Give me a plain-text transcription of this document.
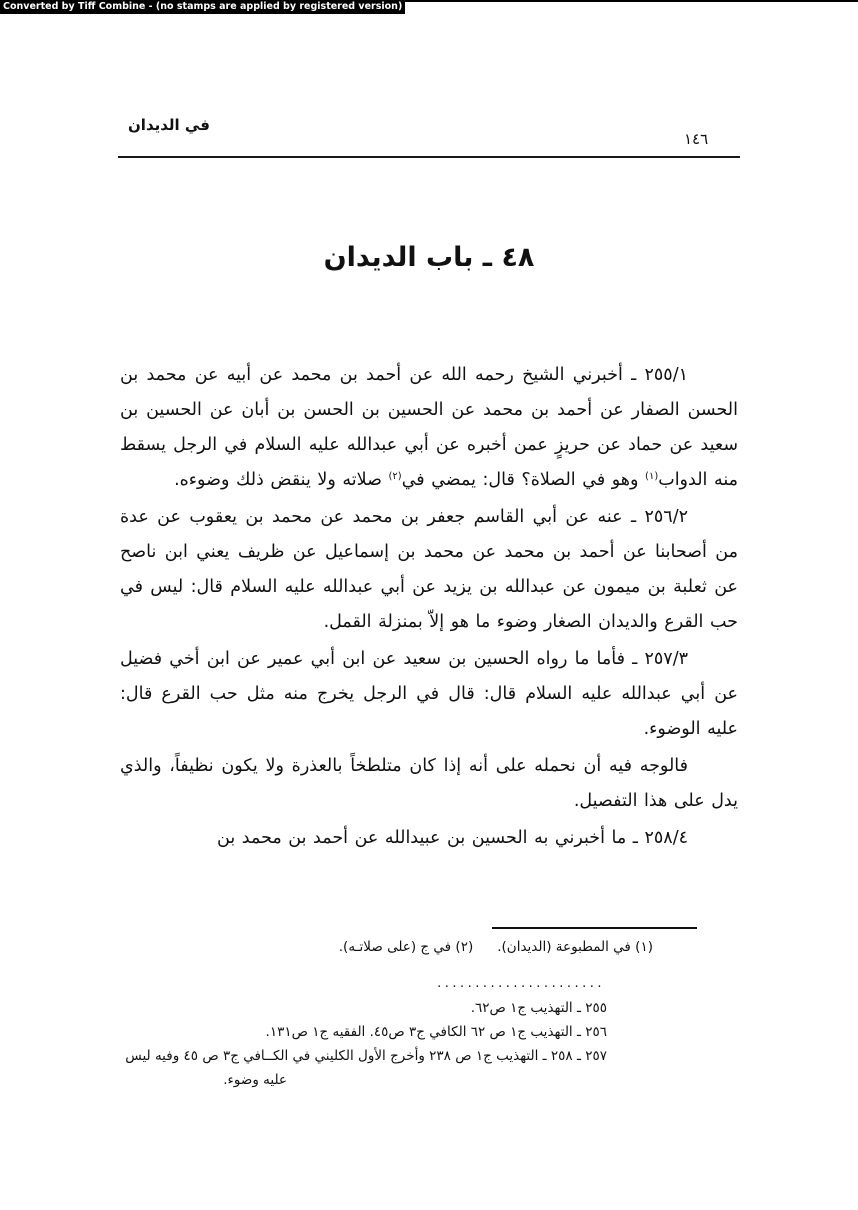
Converted by Tiff Combine - (no stamps are applied by registered version)
في الديدان
١٤٦
٤٨ ـ باب الديدان

٢٥٥/١ ـ أخبرني الشيخ رحمه الله عن أحمد بن محمد عن أبيه عن محمد بن الحسن الصفار عن أحمد بن محمد عن الحسين بن الحسن بن أبان عن الحسين بن سعيد عن حماد عن حريزٍ عمن أخبره عن أبي عبدالله عليه السلام في الرجل يسقط منه الدواب$^{(١)}$ وهو في الصلاة؟ قال: يمضي في$^{(٢)}$ صلاته ولا ينقض ذلك وضوءه.

٢٥٦/٢ ـ عنه عن أبي القاسم جعفر بن محمد عن محمد بن يعقوب عن عدة من أصحابنا عن أحمد بن محمد عن محمد بن إسماعيل عن ظريف يعني ابن ناصح عن ثعلبة بن ميمون عن عبدالله بن يزيد عن أبي عبدالله عليه السلام قال: ليس في حب القرع والديدان الصغار وضوء ما هو إلاّ بمنزلة القمل.

٢٥٧/٣ ـ فأما ما رواه الحسين بن سعيد عن ابن أبي عمير عن ابن أخي فضيل عن أبي عبدالله عليه السلام قال: قال في الرجل يخرج منه مثل حب القرع قال: عليه الوضوء.

فالوجه فيه أن نحمله على أنه إذا كان متلطخاً بالعذرة ولا يكون نظيفاً، والذي يدل على هذا التفصيل.

٢٥٨/٤ ـ ما أخبرني به الحسين بن عبيدالله عن أحمد بن محمد بن

(١) في المطبوعة (الديدان).(٢) في ج (على صلاتـه).
......................
٢٥٥ ـ التهذيب ج١ ص٦٢.
٢٥٦ ـ التهذيب ج١ ص ٦٢ الكافي ج٣ ص٤٥. الفقيه ج١ ص١٣١.
٢٥٧ ـ ٢٥٨ ـ التهذيب ج١ ص ٢٣٨ وأخرج الأول الكليني في الكــافي ج٣ ص ٤٥ وفيه ليس
عليه وضوء.
